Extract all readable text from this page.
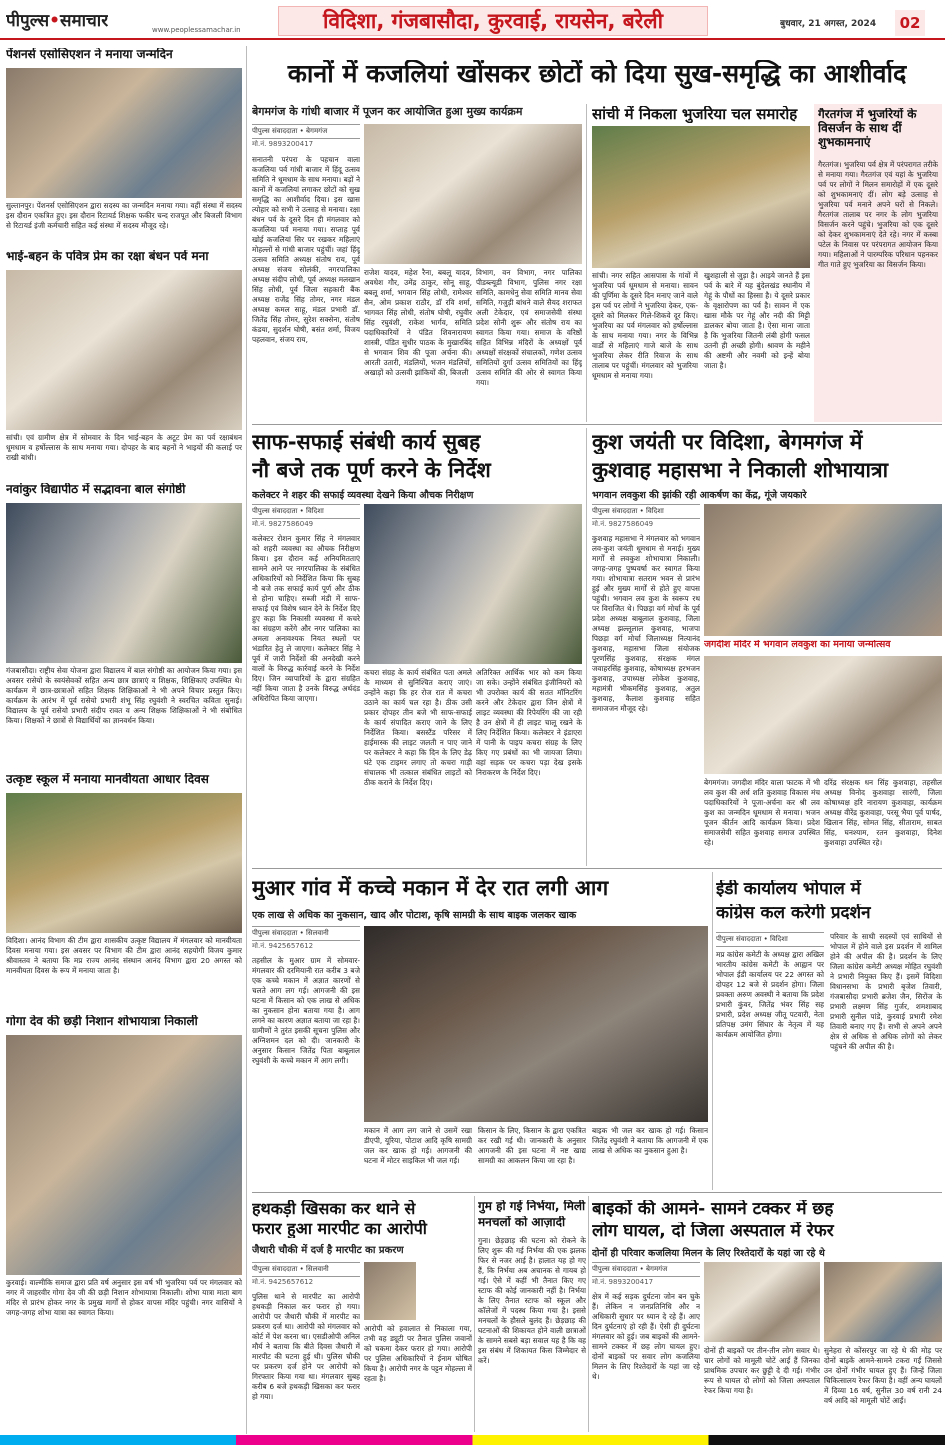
पीपुल्स•समाचार	www.peoplessamachar.in	विदिशा, गंजबासौदा, कुरवाई, रायसेन, बरेली	बुधवार, 21 अगस्त, 2024	02
पेंशनर्स एसोसिएशन ने मनाया जन्मदिन
सुल्तानपुर। पेंशनर्स एसोसिएशन द्वारा सदस्य का जन्मदिन मनाया गया। वहीं संस्था में सदस्य इस दौरान एकत्रित हुए। इस दौरान रिटायर्ड शिक्षक फकीर चन्द राजपूत और बिजली विभाग से रिटायर्ड इंजी कर्मचारी सहित कई संस्था में सदस्य मौजूद रहे।
भाई-बहन के पवित्र प्रेम का रक्षा बंधन पर्व मना
सांची। एवं ग्रामीण क्षेत्र में सोमवार के दिन भाई-बहन के अटूट प्रेम का पर्व रक्षाबंधन धूमधाम व हर्षोल्लास के साथ मनाया गया। दोपहर के बाद बहनों ने भाइयों की कलाई पर राखी बांधी।
नवांकुर विद्यापीठ में सद्भावना बाल संगोष्ठी
गंजबासौदा। राष्ट्रीय सेवा योजना द्वारा विद्यालय में बाल संगोष्ठी का आयोजन किया गया। इस अवसर रासेयो के स्वयंसेवकों सहित अन्य छात्र छात्राएं व शिक्षक, शिक्षिकाएं उपस्थित थे। कार्यक्रम में छात्र-छात्राओं सहित शिक्षक शिक्षिकाओं ने भी अपने विचार प्रस्तुत किए। कार्यक्रम के आरंभ में पूर्व रासेयो प्रभारी शंभू सिंह रघुवंशी ने स्वरचित कविता सुनाई। विद्यालय के पूर्व रासेयो प्रभारी संदीप रावत व अन्य शिक्षक शिक्षिकाओं ने भी संबोधित किया। शिक्षकों ने छात्रों से विद्यार्थियों का ज्ञानवर्धन किया।
उत्कृष्ट स्कूल में मनाया मानवीयता आधार दिवस
विदिशा। आनंद विभाग की टीम द्वारा शासकीय उत्कृष्ट विद्यालय में मंगलवार को मानवीयता दिवस मनाया गया। इस अवसर पर विभाग की टीम द्वारा आनंद सहयोगी विजय कुमार श्रीवास्तव ने बताया कि मप्र राज्य आनंद संस्थान आनंद विभाग द्वारा 20 अगस्त को मानवीयता दिवस के रूप में मनाया जाता है।
गोगा देव की छड़ी निशान शोभायात्रा निकाली
कुरवाई। वाल्मीकि समाज द्वारा प्रति वर्ष अनुसार इस वर्ष भी भुजरिया पर्व पर मंगलवार को नगर में जाहरवीर गोगा देव जी की छड़ी निशान शोभायात्रा निकाली। शोभा यात्रा माता बाग मंदिर से प्रारंभ होकर नगर के प्रमुख मार्गों से होकर वापस मंदिर पहुंची। नगर वासियों ने जगह-जगह शोभा यात्रा का स्वागत किया।
कानों में कजलियां खोंसकर छोटों को दिया सुख-समृद्धि का आशीर्वाद
बेगमगंज के गांधी बाजार में पूजन कर आयोजित हुआ मुख्य कार्यक्रम
पीपुल्स संवाददाता • बेगमगंज
मो.नं. 9893200417
सनातनी परंपरा के पहचान वाला कजलिया पर्व गांधी बाजार में हिंदू उत्सव समिति ने धूमधाम के साथ मनाया। बड़ों ने कानों में कजलियां लगाकर छोटों को सुख समृद्धि का आशीर्वाद दिया। इस खास त्योहार को सभी ने उत्साह से मनाया। रक्षा बंधन पर्व के दूसरे दिन ही मंगलवार को कजलिया पर्व मनाया गया। सप्ताह पूर्व खोई कजलियां सिर पर रखकर महिलाएं मोहल्लों से गांधी बाजार पहुंचीं। जहां हिंदू उत्सव समिति अध्यक्ष संतोष राय, पूर्व अध्यक्ष संजय सोलंकी, नगरपालिका अध्यक्ष संदीप लोधी, पूर्व अध्यक्ष मलखान सिंह लोधी, पूर्व जिला सहकारी बैंक अध्यक्ष राजेंद्र सिंह तोमर, नगर मंडल अध्यक्ष कमल साहू, मंडल प्रभारी डॉ. जितेंद्र सिंह तोमर, सुरेश सक्सेना, संतोष कंडया, सुदर्शन घोषी, बसंत शर्मा, विजय पहलवान, संजय राय,
राजेश यादव, महेश रैना, बबलू यादव, अवधेश गौर, उमेंद्र ठाकुर, सोनू साहू, बबलू शर्मा, भगवान सिंह लोधी, रामेश्वर सैन, ओम प्रकाश राठौर, डॉ रवि शर्मा, भागवत सिंह लोधी, संतोष घोषी, रघुवीर सिंह रघुवंशी, राकेश भार्गव, समिति पदाधिकारियों ने पंडित शिवनारायण शास्त्री, पंडित सुधीर पाठक के मुखारबिंद से भगवान शिव की पूजा अर्चना की। आरती उतारी, मंडलियों, भजन मंडलियों, अखाड़ों को उत्सवी झांकियों की, बिजली
विभाग, वन विभाग, नगर पालिका पीडब्ल्यूडी विभाग, पुलिस नगर रक्षा समिति, कामधेनु सेवा समिति मानव सेवा समिति, गजुड़ी बांधने वाले सैयद शराफत अली टेकेदार, एवं समाजसेवी संस्था प्रदेश सोनी शुरू और संतोष राय का स्वागत किया गया। समाज के वरिष्ठों सहित विभिन्न मंदिरों के अध्यक्षों पूर्व अध्यक्षों संरक्षकों संचालकों, गणेश उत्सव समितियों दुर्गा उत्सव समितियों का हिंदू उत्सव समिति की ओर से स्वागत किया गया।
सांची में निकला भुजरिया चल समारोह
सांची। नगर सहित आसपास के गांवों में भुजरिया पर्व धूमधाम से मनाया। सावन की पूर्णिमा के दूसरे दिन मनाए जाने वाले इस पर्व पर लोगों ने भुजरिया देकर, एक-दूसरे को मिलकर गिले-शिकवे दूर किए। भुजरिया का पर्व मंगलवार को हर्षोल्लास के साथ मनाया गया। नगर के विभिन्न वार्डों से महिलाएं गाजे बाजे के साथ भुजरिया लेकर रीति रिवाज के साथ तालाब पर पहुंचीं। मंगलवार को भुजरिया धूमधाम से मनाया गया।
खुशहाली से जुड़ा है। आइये जानते हैं इस पर्व के बारे में यह बुंदेलखंड स्थानीय में गेहूं के पौधों का हिस्सा है। ये दूसरे प्रकार के वृक्षारोपण का पर्व है। सावन में एक खास मौके पर गेहूं और नदी की मिट्टी डालकर बोया जाता है। ऐसा माना जाता है कि भुजरिया जितनी लंबी होगी फसल उतनी ही अच्छी होगी। श्रावण के महीने की अष्टमी और नवमी को इन्हें बोया जाता है।
गैरतगंज में भुजरियों के विसर्जन के साथ दीं शुभकामनाएं
गैरतगंज। भुजरिया पर्व क्षेत्र में परंपरागत तरीके से मनाया गया। गैरतगंज एवं यहां के भुजरिया पर्व पर लोगों ने मिलन समारोहों में एक दूसरे को शुभकामनाएं दीं। लोग बड़े उत्साह से भुजरिया पर्व मनाने अपने घरों से निकले। गैरतगंज तालाब पर नगर के लोग भुजरिया विसर्जन करने पहुंचे। भुजरिया को एक दूसरे को देकर शुभकामनाएं देते रहे। नगर में कस्बा पटेल के निवास पर परंपरागत आयोजन किया गया। महिलाओं ने पारम्परिक परिधान पहनकर गीत गाते हुए भुजरिया का विसर्जन किया।
साफ-सफाई संबंधी कार्य सुबह
नौ बजे तक पूर्ण करने के निर्देश
कलेक्टर ने शहर की सफाई व्यवस्था देखने किया औचक निरीक्षण
पीपुल्स संवाददाता • विदिशा
मो.नं. 9827586049
कलेक्टर रोशन कुमार सिंह ने मंगलवार को शहरी व्यवस्था का औचक निरीक्षण किया। इस दौरान कई अनियमितताएं सामने आने पर नगरपालिका के संबंधित अधिकारियों को निर्देशित किया कि सुबह नौ बजे तक सफाई कार्य पूर्ण और ठीक से होना चाहिए। सब्जी मंडी में साफ-सफाई एवं विशेष ध्यान देने के निर्देश दिए हुए कहा कि निकासी व्यवस्था में कचरे का संग्रहण करेंगे और नगर पालिका का अमला अनावश्यक नियत स्थलों पर भंडारित हेतु ले जाएगा। कलेक्टर सिंह ने पूर्व में जारी निर्देशों की अनदेखी करने वालों के विरुद्ध कार्रवाई करने के निर्देश दिए। जिन व्यापारियों के द्वारा संग्रहित नहीं किया जाता है उनके विरुद्ध अर्थदंड अधिरोपित किया जाएगा।
कचरा संग्रह के कार्य संबंधित पता अमले के माध्यम से सुनिश्चित कराए जाएं। उन्होंने कहा कि हर रोज रात में कचरा उठाने का कार्य चल रहा है। ठीक उसी प्रकार दोपहर तीन बजे भी साफ-सफाई के कार्य संपादित कराए जाने के लिए निर्देशित किया। बसस्टैंड परिसर में हाईमास्क की लाइट जलती न पाए जाने पर कलेक्टर ने कहा कि दिन के लिए डेढ़ घंटे एक टाइमर लगाए तो कचरा गाड़ी संचालक भी तत्काल संबंधित लाइटों को ठीक कराने के निर्देश दिए।
अतिरिक्त आर्थिक भार को कम किया जा सके। उन्होंने संबंधित इंजीनियरों को भी उपरोक्त कार्य की सतत मॉनिटरिंग करने और टेकेदार द्वारा जिन क्षेत्रों में लाइट व्यवस्था की रिपेयरिंग की जा रही है उन क्षेत्रों में ही लाइट चालू रखने के लिए निर्देशित किया। कलेक्टर ने इंडाएरा में पानी के पाइप कचरा संग्रह के लिए किए गए प्रबंधों का भी जायजा लिया। वहां सड़क पर कचरा पड़ा देख इसके निराकरण के निर्देश दिए।
कुश जयंती पर विदिशा, बेगमगंज में
कुशवाह महासभा ने निकाली शोभायात्रा
भगवान लवकुश की झांकी रही आकर्षण का केंद्र, गूंजे जयकारे
पीपुल्स संवाददाता • विदिशा
मो.नं. 9827586049
कुशवाह महासभा ने मंगलवार को भगवान लव-कुश जयंती धूमधाम से मनाई। मुख्य मार्गों से लवकुश शोभायात्रा निकाली। जगह-जगह पुष्पवर्षा कर स्वागत किया गया। शोभायात्रा सतराम भवन से प्रारंभ हुई और मुख्य मार्गों से होते हुए वापस पहुंची। भगवान लव कुश के स्वरूप रथ पर विराजित थे। पिछड़ा वर्ग मोर्चा के पूर्व प्रदेश अध्यक्ष बाबूलाल कुशवाह, जिला अध्यक्ष झल्लूलाल कुशवाह, भाजपा पिछड़ा वर्ग मोर्चा जिलाध्यक्ष नित्यानंद कुशवाह, महासभा जिला संयोजक पूरणसिंह कुशवाह, संरक्षक मंगल जवाहरसिंह कुशवाह, कोषाध्यक्ष हरभजन कुशवाह, उपाध्यक्ष लोकेश कुशवाह, महामंत्री भीकमसिंह कुशवाह, अतुल कुशवाह, कैलाश कुशवाह सहित समाजजन मौजूद रहे।
जगदीश मंदिर में भगवान लवकुश का मनाया जन्मोत्सव
बेगमगंज। जगदीश मंदिर वाला फाटक में भी लव कुश की अर्ध शति कुशवाह विकास मंच पदाधिकारियों ने पूजा-अर्चना कर श्री लव कुश का जन्मदिन धूमधाम से मनाया। भजन पूजन कीर्तन आदि कार्यक्रम किया। प्रदेश समाजसेवी सहित कुशवाह समाज उपस्थित रहे।
दरिंद्र संरक्षक धन सिंह कुशवाहा, तहसील अध्यक्ष विनोद कुशवाहा सारंगी, जिला कोषाध्यक्ष हरि नारायण कुशवाहा, कार्यक्रम अध्यक्ष वीरेंद्र कुशवाहा, परसू भैया पूर्व पार्षद, खिलान सिंह, सोमत सिंह, सीताराम, साबत सिंह, घनश्याम, रतन कुशवाहा, दिनेश कुशवाहा उपस्थित रहे।
मुआर गांव में कच्चे मकान में देर रात लगी आग
एक लाख से अधिक का नुकसान, खाद और पोटाश, कृषि सामग्री के साथ बाइक जलकर खाक
पीपुल्स संवाददाता • सिलवानी
मो.नं. 9425657612
तहसील के मुआर ग्राम में सोमवार-मंगलवार की दरमियानी रात करीब 3 बजे एक कच्चे मकान में अज्ञात कारणों से चलते आग लग गई। आगजनी की इस घटना में किसान को एक लाख से अधिक का नुकसान होना बताया गया है। आग लगने का कारण अज्ञात बताया जा रहा है। ग्रामीणों ने तुरंत इसकी सूचना पुलिस और अग्निशमन दल को दी। जानकारी के अनुसार किसान जितेंद्र पिता बाबूलाल रघुवंशी के कच्चे मकान में आग लगी।
मकान में आग लग जाने से उसमें रखा डीएपी, यूरिया, पोटाश आदि कृषि सामग्री जल कर खाक हो गई। आगजनी की घटना में मोटर साइकिल भी जल गई।
किसान के लिए, किसान के द्वारा एकत्रित कर रखी गई थी। जानकारी के अनुसार आगजनी की इस घटना में नष्ट खाद्य सामग्री का आकलन किया जा रहा है।
बाइक भी जल कर खाक हो गई। किसान जितेंद्र रघुवंशी ने बताया कि आगजनी में एक लाख से अधिक का नुकसान हुआ है।
ईडी कार्यालय भोपाल में
कांग्रेस कल करेगी प्रदर्शन
पीपुल्स संवाददाता • विदिशा
मप्र कांग्रेस कमेटी के अध्यक्ष द्वारा अखिल भारतीय कांग्रेस कमेटी के आह्वान पर भोपाल ईडी कार्यालय पर 22 अगस्त को दोपहर 12 बजे से प्रदर्शन होगा। जिला प्रवक्ता अरुण अवस्थी ने बताया कि प्रदेश प्रभारी कुंवर, जितेंद्र भंवर सिंह सह प्रभारी, प्रदेश अध्यक्ष जीतू पटवारी, नेता प्रतिपक्ष उमंग सिंघार के नेतृत्व में यह कार्यक्रम आयोजित होगा।
परिवार के साथी सदस्यों एवं साथियों से भोपाल में होने वाले इस प्रदर्शन में शामिल होने की अपील की है। प्रदर्शन के लिए जिला कांग्रेस कमेटी अध्यक्ष मोहित रघुवंशी ने प्रभारी नियुक्त किए हैं। इसमें विदिशा विधानसभा के प्रभारी बृजेश तिवारी, गंजबासौदा प्रभारी ब्रजेश जैन, सिरोंज के प्रभारी लक्ष्मण सिंह गुर्जर, शमशाबाद प्रभारी सुनील पांडे, कुरवाई प्रभारी रमेश तिवारी बनाए गए हैं। सभी से अपने अपने क्षेत्र से अधिक से अधिक लोगों को लेकर पहुंचने की अपील की है।
हथकड़ी खिसका कर थाने से
फरार हुआ मारपीट का आरोपी
जैथारी चौकी में दर्ज है मारपीट का प्रकरण
पीपुल्स संवाददाता • सिलवानी
मो.नं. 9425657612
पुलिस थाने से मारपीट का आरोपी हथकड़ी निकाल कर फरार हो गया। आरोपी पर जैथारी चौकी में मारपीट का प्रकरण दर्ज था। आरोपी को मंगलवार को कोर्ट में पेश करना था। एसडीओपी अनिल मौर्य ने बताया कि बीते दिवस जैथारी में मारपीट की घटना हुई थी। पुलिस चौकी पर प्रकरण दर्ज होने पर आरोपी को गिरफ्तार किया गया था। मंगलवार सुबह करीब 6 बजे हथकड़ी खिसका कर फरार हो गया।
आरोपी को हवालात से निकाला गया, तभी वह ड्यूटी पर तैनात पुलिस जवानों को चकमा देकर फरार हो गया। आरोपी पर पुलिस अधिकारियों ने ईनाम घोषित किया है। आरोपी नगर के पट्टन मोहल्ला में रहता है।
गुम हो गई निर्भया, मिली
मनचलों को आज़ादी
गुना। छेड़छाड़ की घटना को रोकने के लिए शुरू की गई निर्भया की एक झलक फिर से नजर आई है। हालात यह हो गए हैं, कि निर्भया अब अचानक से गायब हो गई। ऐसे में कहीं भी तैनात किए गए स्टाफ की कोई जानकारी नहीं है। निर्भया के लिए तैनात स्टाफ को स्कूल और कॉलेजों में पदस्थ किया गया है। इससे मनचलों के हौसले बुलंद हैं। छेड़छाड़ की घटनाओं की शिकायत होने वाली छात्राओं के सामने सबसे बड़ा सवाल यह है कि वह इस संबंध में शिकायत किस जिम्मेदार से करें।
बाइकों की आमने- सामने टक्कर में छह
लोग घायल, दो जिला अस्पताल में रेफर
दोनों ही परिवार कजलिया मिलन के लिए रिश्तेदारों के यहां जा रहे थे
पीपुल्स संवाददाता • बेगमगंज
मो.नं. 9893200417
क्षेत्र में कई सड़क दुर्घटना जोन बन चुके हैं। लेकिन न जनप्रतिनिधि और न अधिकारी सुधार पर ध्यान दे रहे हैं। आए दिन दुर्घटनाएं हो रही हैं। ऐसी ही दुर्घटना मंगलवार को हुई। जब बाइकों की आमने-सामने टक्कर में छह लोग घायल हुए। दोनों बाइकों पर सवार लोग कजलिया मिलन के लिए रिश्तेदारों के यहां जा रहे थे।
दोनों ही बाइकों पर तीन-तीन लोग सवार थे। चार लोगों को मामूली चोटें आईं हैं जिनका प्राथमिक उपचार कर छुट्टी दे दी गई। गंभीर रूप से घायल दो लोगों को जिला अस्पताल रेफर किया गया है।
सुनेहरा से कोंसरपुर जा रहे थे की मोड़ पर दोनों बाइकें आमने-सामने टकरा गईं जिससे उन दोनों गंभीर घायल हुए हैं। जिन्हें जिला चिकित्सालय रेफर किया है। वहीं अन्य घायलों में दिव्या 16 वर्ष, सुनील 30 वर्ष रानी 24 वर्ष आदि को मामूली चोटें आईं।
